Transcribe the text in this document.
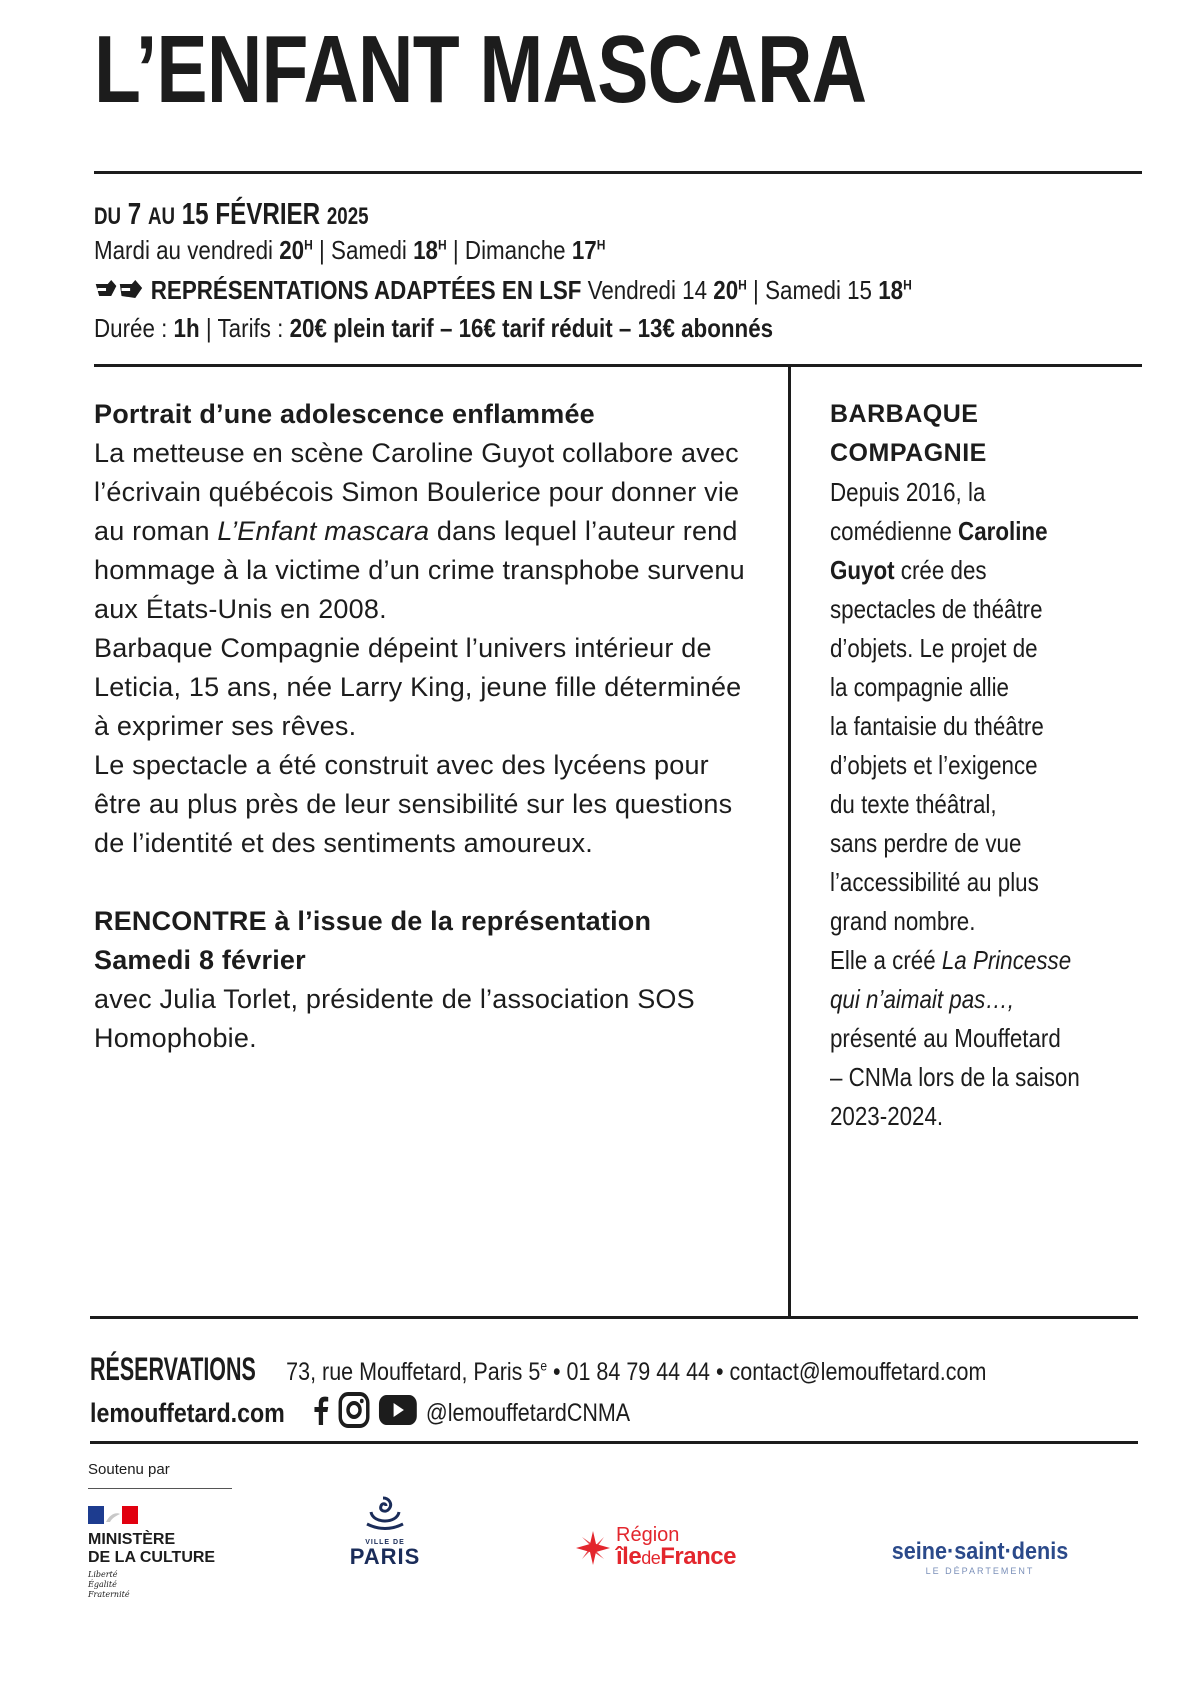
L’ENFANT MASCARA
DU 7 AU 15 FÉVRIER 2025
Mardi au vendredi $20^H$ | Samedi $18^H$ | Dimanche $17^H$
REPRÉSENTATIONS ADAPTÉES EN LSF Vendredi 14 $20^H$ | Samedi 15 $18^H$
Durée : 1h | Tarifs : 20€ plein tarif – 16€ tarif réduit – 13€ abonnés

Portrait d’une adolescence enflammée

La metteuse en scène Caroline Guyot collabore avec l’écrivain québécois Simon Boulerice pour donner vie au roman L’Enfant mascara dans lequel l’auteur rend hommage à la victime d’un crime transphobe survenu aux États-Unis en 2008.

Barbaque Compagnie dépeint l’univers intérieur de Leticia, 15 ans, née Larry King, jeune fille déterminée à exprimer ses rêves.

Le spectacle a été construit avec des lycéens pour être au plus près de leur sensibilité sur les questions de l’identité et des sentiments amoureux.

RENCONTRE à l’issue de la représentation

Samedi 8 février

avec Julia Torlet, présidente de l’association SOS Homophobie.

BARBAQUE
COMPAGNIE
Depuis 2016, la
comédienne Caroline
Guyot crée des
spectacles de théâtre
d’objets. Le projet de
la compagnie allie
la fantaisie du théâtre
d’objets et l’exigence
du texte théâtral,
sans perdre de vue
l’accessibilité au plus
grand nombre.
Elle a créé La Princesse
qui n’aimait pas…,
présenté au Mouffetard
– CNMa lors de la saison
2023-2024.
RÉSERVATIONS 73, rue Mouffetard, Paris 5e • 01 84 79 44 44 • contact@lemouffetard.com
lemouffetard.com	@lemouffetardCNMA
Soutenu par
MINISTÈRE
DE LA CULTURE
Liberté
Égalité
Fraternité
VILLE DE
PARIS
Région
îledeFrance	seine·saint·denis
LE DÉPARTEMENT
